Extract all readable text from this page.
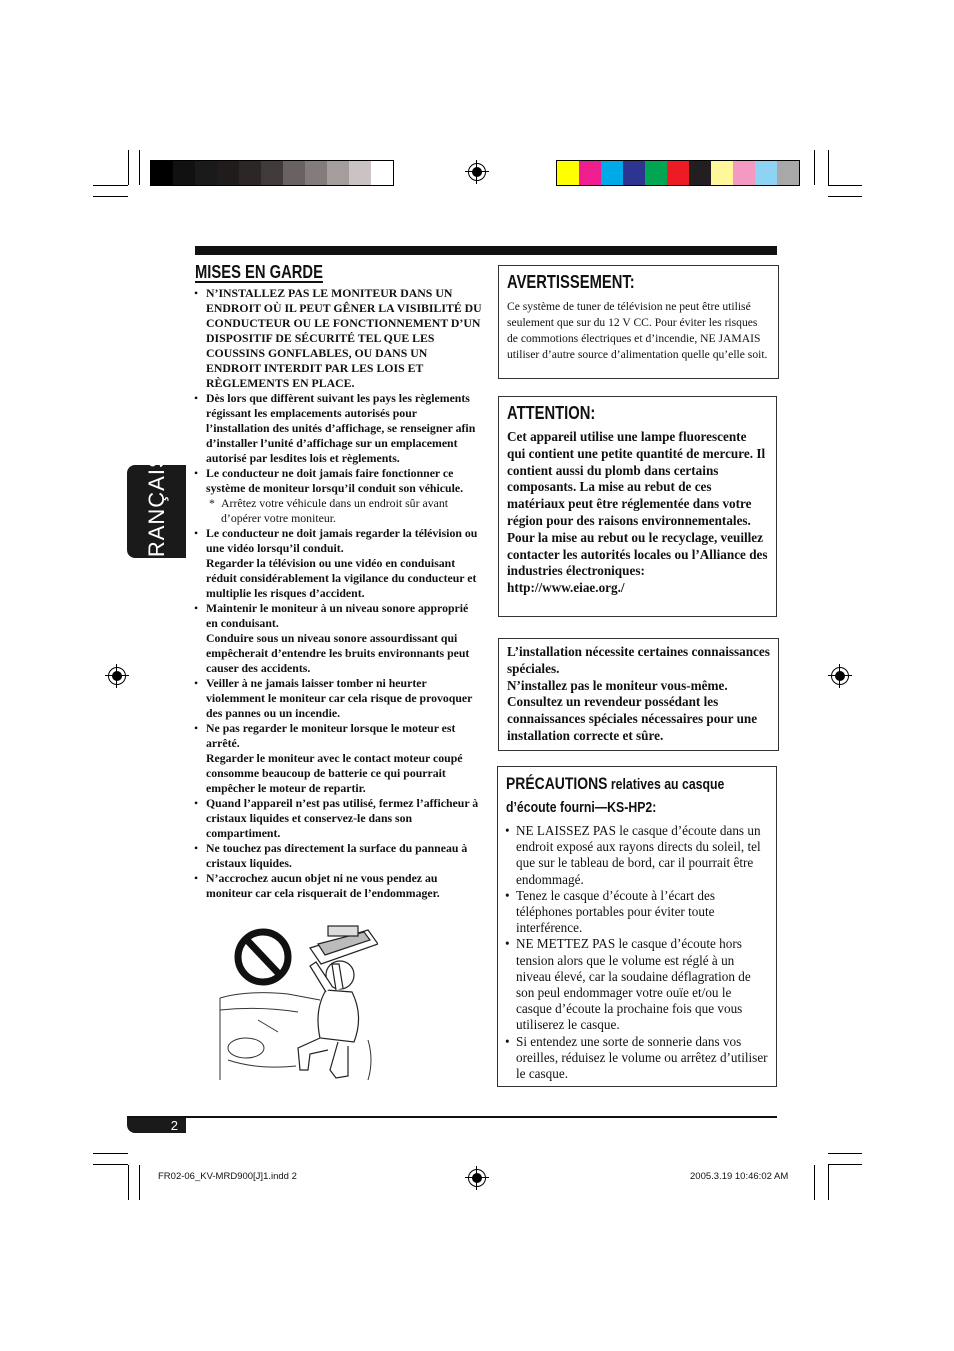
FRANÇAIS
MISES EN GARDE
• N’INSTALLEZ PAS LE MONITEUR DANS UN ENDROIT OÙ IL PEUT GÊNER LA VISIBILITÉ DU CONDUCTEUR OU LE FONCTIONNEMENT D’UN DISPOSITIF DE SÉCURITÉ TEL QUE LES COUSSINS GONFLABLES, OU DANS UN ENDROIT INTERDIT PAR LES LOIS ET RÈGLEMENTS EN PLACE.
• Dès lors que diffèrent suivant les pays les règlements régissant les emplacements autorisés pour l’installation des unités d’affichage, se renseigner afin d’installer l’unité d’affichage sur un emplacement autorisé par lesdites lois et règlements.
• Le conducteur ne doit jamais faire fonctionner ce système de moniteur lorsqu’il conduit son véhicule.
* Arrêtez votre véhicule dans un endroit sûr avant d’opérer votre moniteur.
• Le conducteur ne doit jamais regarder la télévision ou une vidéo lorsqu’il conduit.
Regarder la télévision ou une vidéo en conduisant réduit considérablement la vigilance du conducteur et multiplie les risques d’accident.
• Maintenir le moniteur à un niveau sonore approprié en conduisant.
Conduire sous un niveau sonore assourdissant qui empêcherait d’entendre les bruits environnants peut causer des accidents.
• Veiller à ne jamais laisser tomber ni heurter violemment le moniteur car cela risque de provoquer des pannes ou un incendie.
• Ne pas regarder le moniteur lorsque le moteur est arrêté.
Regarder le moniteur avec le contact moteur coupé consomme beaucoup de batterie ce qui pourrait empêcher le moteur de repartir.
• Quand l’appareil n’est pas utilisé, fermez l’afficheur à cristaux liquides et conservez-le dans son compartiment.
• Ne touchez pas directement la surface du panneau à cristaux liquides.
• N’accrochez aucun objet ni ne vous pendez au moniteur car cela risquerait de l’endommager.
AVERTISSEMENT:
Ce système de tuner de télévision ne peut être utilisé seulement que sur du 12 V CC. Pour éviter les risques de commotions électriques et d’incendie, NE JAMAIS utiliser d’autre source d’alimentation quelle qu’elle soit.
ATTENTION:
Cet appareil utilise une lampe fluorescente qui contient une petite quantité de mercure. Il contient aussi du plomb dans certains composants. La mise au rebut de ces matériaux peut être réglementée dans votre région pour des raisons environnementales.
Pour la mise au rebut ou le recyclage, veuillez contacter les autorités locales ou l’Alliance des industries électroniques:
http://www.eiae.org./
L’installation nécessite certaines connaissances spéciales.
N’installez pas le moniteur vous-même. Consultez un revendeur possédant les connaissances spéciales nécessaires pour une installation correcte et sûre.
PRÉCAUTIONS relatives au casque
d’écoute fourni—KS-HP2:
• NE LAISSEZ PAS le casque d’écoute dans un endroit exposé aux rayons directs du soleil, tel que sur le tableau de bord, car il pourrait être endommagé.
• Tenez le casque d’écoute à l’écart des téléphones portables pour éviter toute interférence.
• NE METTEZ PAS le casque d’écoute hors tension alors que le volume est réglé à un niveau élevé, car la soudaine déflagration de son peul endommager votre ouïe et/ou le casque d’écoute la prochaine fois que vous utiliserez le casque.
• Si entendez une sorte de sonnerie dans vos oreilles, réduisez le volume ou arrêtez d’utiliser le casque.
2
FR02-06_KV-MRD900[J]1.indd 2	2005.3.19 10:46:02 AM
